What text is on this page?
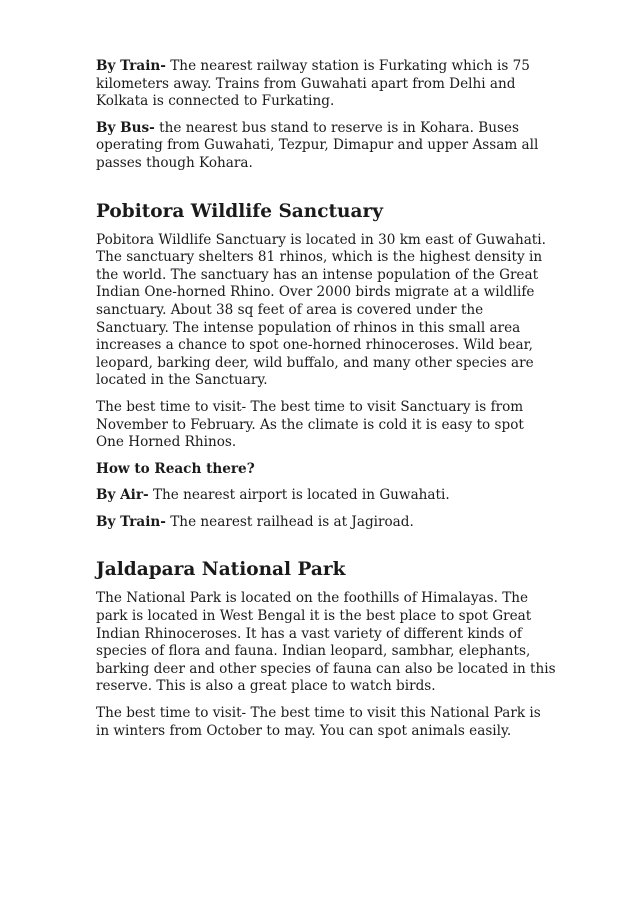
By Train- The nearest railway station is Furkating which is 75 kilometers away. Trains from Guwahati apart from Delhi and Kolkata is connected to Furkating.

By Bus- the nearest bus stand to reserve is in Kohara. Buses operating from Guwahati, Tezpur, Dimapur and upper Assam all passes though Kohara.

Pobitora Wildlife Sanctuary

Pobitora Wildlife Sanctuary is located in 30 km east of Guwahati. The sanctuary shelters 81 rhinos, which is the highest density in the world. The sanctuary has an intense population of the Great Indian One-horned Rhino. Over 2000 birds migrate at a wildlife sanctuary. About 38 sq feet of area is covered under the Sanctuary. The intense population of rhinos in this small area increases a chance to spot one-horned rhinoceroses. Wild bear, leopard, barking deer, wild buffalo, and many other species are located in the Sanctuary.

The best time to visit- The best time to visit Sanctuary is from November to February. As the climate is cold it is easy to spot One Horned Rhinos.

How to Reach there?

By Air- The nearest airport is located in Guwahati.

By Train- The nearest railhead is at Jagiroad.

Jaldapara National Park

The National Park is located on the foothills of Himalayas. The park is located in West Bengal it is the best place to spot Great Indian Rhinoceroses. It has a vast variety of different kinds of species of flora and fauna. Indian leopard, sambhar, elephants, barking deer and other species of fauna can also be located in this reserve. This is also a great place to watch birds.

The best time to visit- The best time to visit this National Park is in winters from October to may. You can spot animals easily.
